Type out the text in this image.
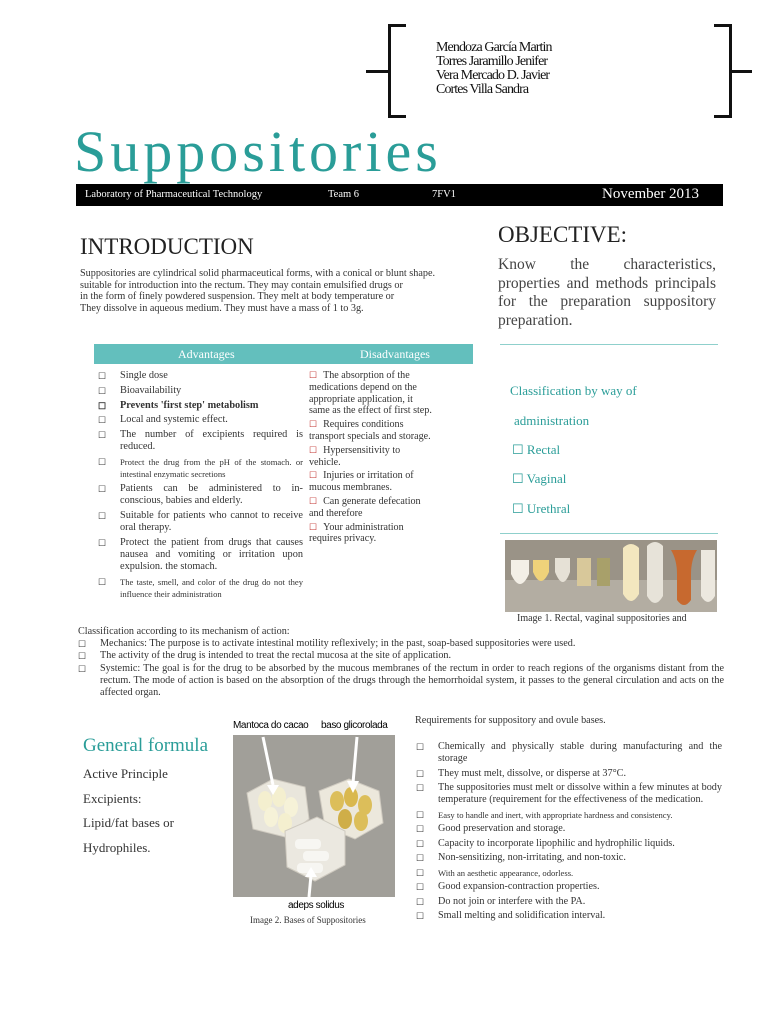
Mendoza García Martin
Torres Jaramillo Jenifer
Vera Mercado D. Javier
Cortes Villa Sandra
Suppositories
Laboratory of Pharmaceutical Technology	Team 6	7FV1	November 2013
INTRODUCTION
Suppositories are cylindrical solid pharmaceutical forms, with a conical or blunt shape.
suitable for introduction into the rectum. They may contain emulsified drugs or
in the form of finely powdered suspension. They melt at body temperature or
They dissolve in aqueous medium. They must have a mass of 1 to 3g.
OBJECTIVE:
Know the characteristics, properties and methods principals for the preparation suppository preparation.
Classification by way of
administration
☐ Rectal
☐ Vaginal
☐ Urethral
Image 1. Rectal, vaginal suppositories and
Advantages	Disadvantages
☐ Single dose
☐ Bioavailability
☐ Prevents 'first step' metabolism
☐ Local and systemic effect.
☐ The number of excipients required is reduced.
☐ Protect the drug from the pH of the stomach. or intestinal enzymatic secretions
☐ Patients can be administered to in-conscious, babies and elderly.
☐ Suitable for patients who cannot to receive oral therapy.
☐ Protect the patient from drugs that causes nausea and vomiting or irritation upon expulsion. the stomach.
☐ The taste, smell, and color of the drug do not they influence their administration
☐ The absorption of the medications depend on the appropriate application, it same as the effect of first step.
☐ Requires conditions transport specials and storage.
☐ Hypersensitivity to vehicle.
☐ Injuries or irritation of mucous membranes.
☐ Can generate defecation and therefore
☐ Your administration requires privacy.
Classification according to its mechanism of action:
☐ Mechanics: The purpose is to activate intestinal motility reflexively; in the past, soap-based suppositories were used.
☐ The activity of the drug is intended to treat the rectal mucosa at the site of application.
☐ Systemic: The goal is for the drug to be absorbed by the mucous membranes of the rectum in order to reach regions of the organisms distant from the rectum. The mode of action is based on the absorption of the drugs through the hemorrhoidal system, it passes to the general circulation and acts on the affected organ.
General formula
Active Principle
Excipients:
Lipid/fat bases or
Hydrophiles.
Mantoca do cacao baso glicorolada
adeps solidus
Image 2. Bases of Suppositories
Requirements for suppository and ovule bases.
☐ Chemically and physically stable during manufacturing and the storage
☐ They must melt, dissolve, or disperse at 37°C.
☐ The suppositories must melt or dissolve within a few minutes at body temperature (requirement for the effectiveness of the medication.
☐ Easy to handle and inert, with appropriate hardness and consistency.
☐ Good preservation and storage.
☐ Capacity to incorporate lipophilic and hydrophilic liquids.
☐ Non-sensitizing, non-irritating, and non-toxic.
☐ With an aesthetic appearance, odorless.
☐ Good expansion-contraction properties.
☐ Do not join or interfere with the PA.
☐ Small melting and solidification interval.
